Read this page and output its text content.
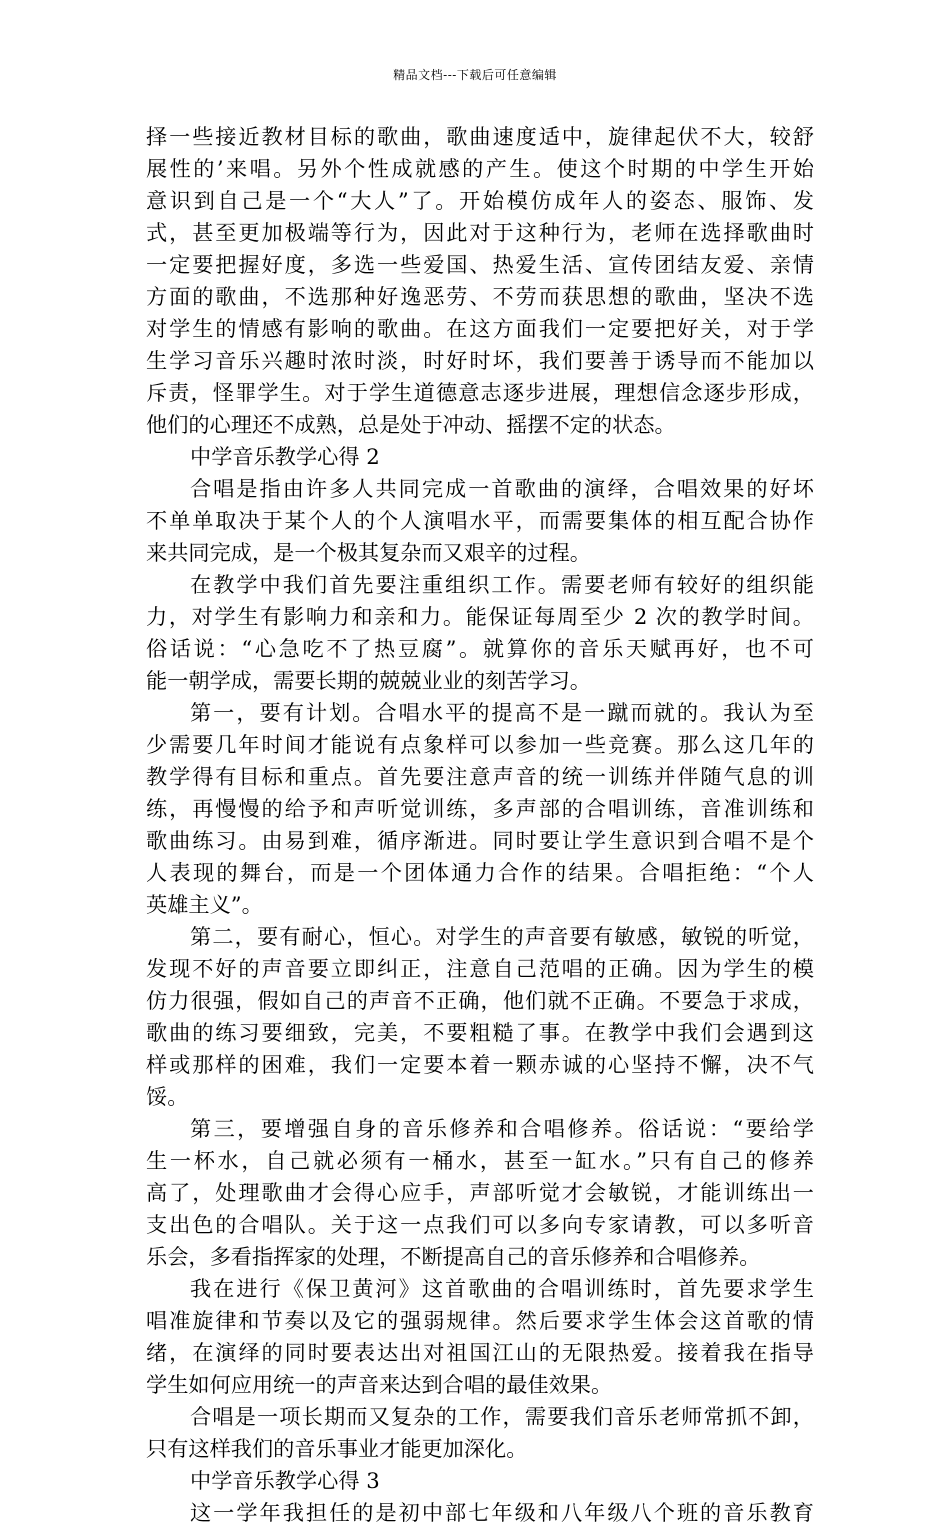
精品文档---下载后可任意编辑
择一些接近教材目标的歌曲，歌曲速度适中，旋律起伏不大，较舒
展性的’来唱。另外个性成就感的产生。使这个时期的中学生开始
意识到自己是一个“大人”了。开始模仿成年人的姿态、服饰、发
式，甚至更加极端等行为，因此对于这种行为，老师在选择歌曲时
一定要把握好度，多选一些爱国、热爱生活、宣传团结友爱、亲情
方面的歌曲，不选那种好逸恶劳、不劳而获思想的歌曲，坚决不选
对学生的情感有影响的歌曲。在这方面我们一定要把好关，对于学
生学习音乐兴趣时浓时淡，时好时坏，我们要善于诱导而不能加以
斥责，怪罪学生。对于学生道德意志逐步进展，理想信念逐步形成，
他们的心理还不成熟，总是处于冲动、摇摆不定的状态。
中学音乐教学心得 2
合唱是指由许多人共同完成一首歌曲的演绎，合唱效果的好坏
不单单取决于某个人的个人演唱水平，而需要集体的相互配合协作
来共同完成，是一个极其复杂而又艰辛的过程。
在教学中我们首先要注重组织工作。需要老师有较好的组织能
力，对学生有影响力和亲和力。能保证每周至少 2 次的教学时间。
俗话说：“心急吃不了热豆腐”。就算你的音乐天赋再好，也不可
能一朝学成，需要长期的兢兢业业的刻苦学习。
第一，要有计划。合唱水平的提高不是一蹴而就的。我认为至
少需要几年时间才能说有点象样可以参加一些竞赛。那么这几年的
教学得有目标和重点。首先要注意声音的统一训练并伴随气息的训
练，再慢慢的给予和声听觉训练，多声部的合唱训练，音准训练和
歌曲练习。由易到难，循序渐进。同时要让学生意识到合唱不是个
人表现的舞台，而是一个团体通力合作的结果。合唱拒绝：“个人
英雄主义”。
第二，要有耐心，恒心。对学生的声音要有敏感，敏锐的听觉，
发现不好的声音要立即纠正，注意自己范唱的正确。因为学生的模
仿力很强，假如自己的声音不正确，他们就不正确。不要急于求成，
歌曲的练习要细致，完美，不要粗糙了事。在教学中我们会遇到这
样或那样的困难，我们一定要本着一颗赤诚的心坚持不懈，决不气
馁。
第三，要增强自身的音乐修养和合唱修养。俗话说：“要给学
生一杯水，自己就必须有一桶水，甚至一缸水。”只有自己的修养
高了，处理歌曲才会得心应手，声部听觉才会敏锐，才能训练出一
支出色的合唱队。关于这一点我们可以多向专家请教，可以多听音
乐会，多看指挥家的处理，不断提高自己的音乐修养和合唱修养。
我在进行《保卫黄河》这首歌曲的合唱训练时，首先要求学生
唱准旋律和节奏以及它的强弱规律。然后要求学生体会这首歌的情
绪，在演绎的同时要表达出对祖国江山的无限热爱。接着我在指导
学生如何应用统一的声音来达到合唱的最佳效果。
合唱是一项长期而又复杂的工作，需要我们音乐老师常抓不卸，
只有这样我们的音乐事业才能更加深化。
中学音乐教学心得 3
这一学年我担任的是初中部七年级和八年级八个班的音乐教育
